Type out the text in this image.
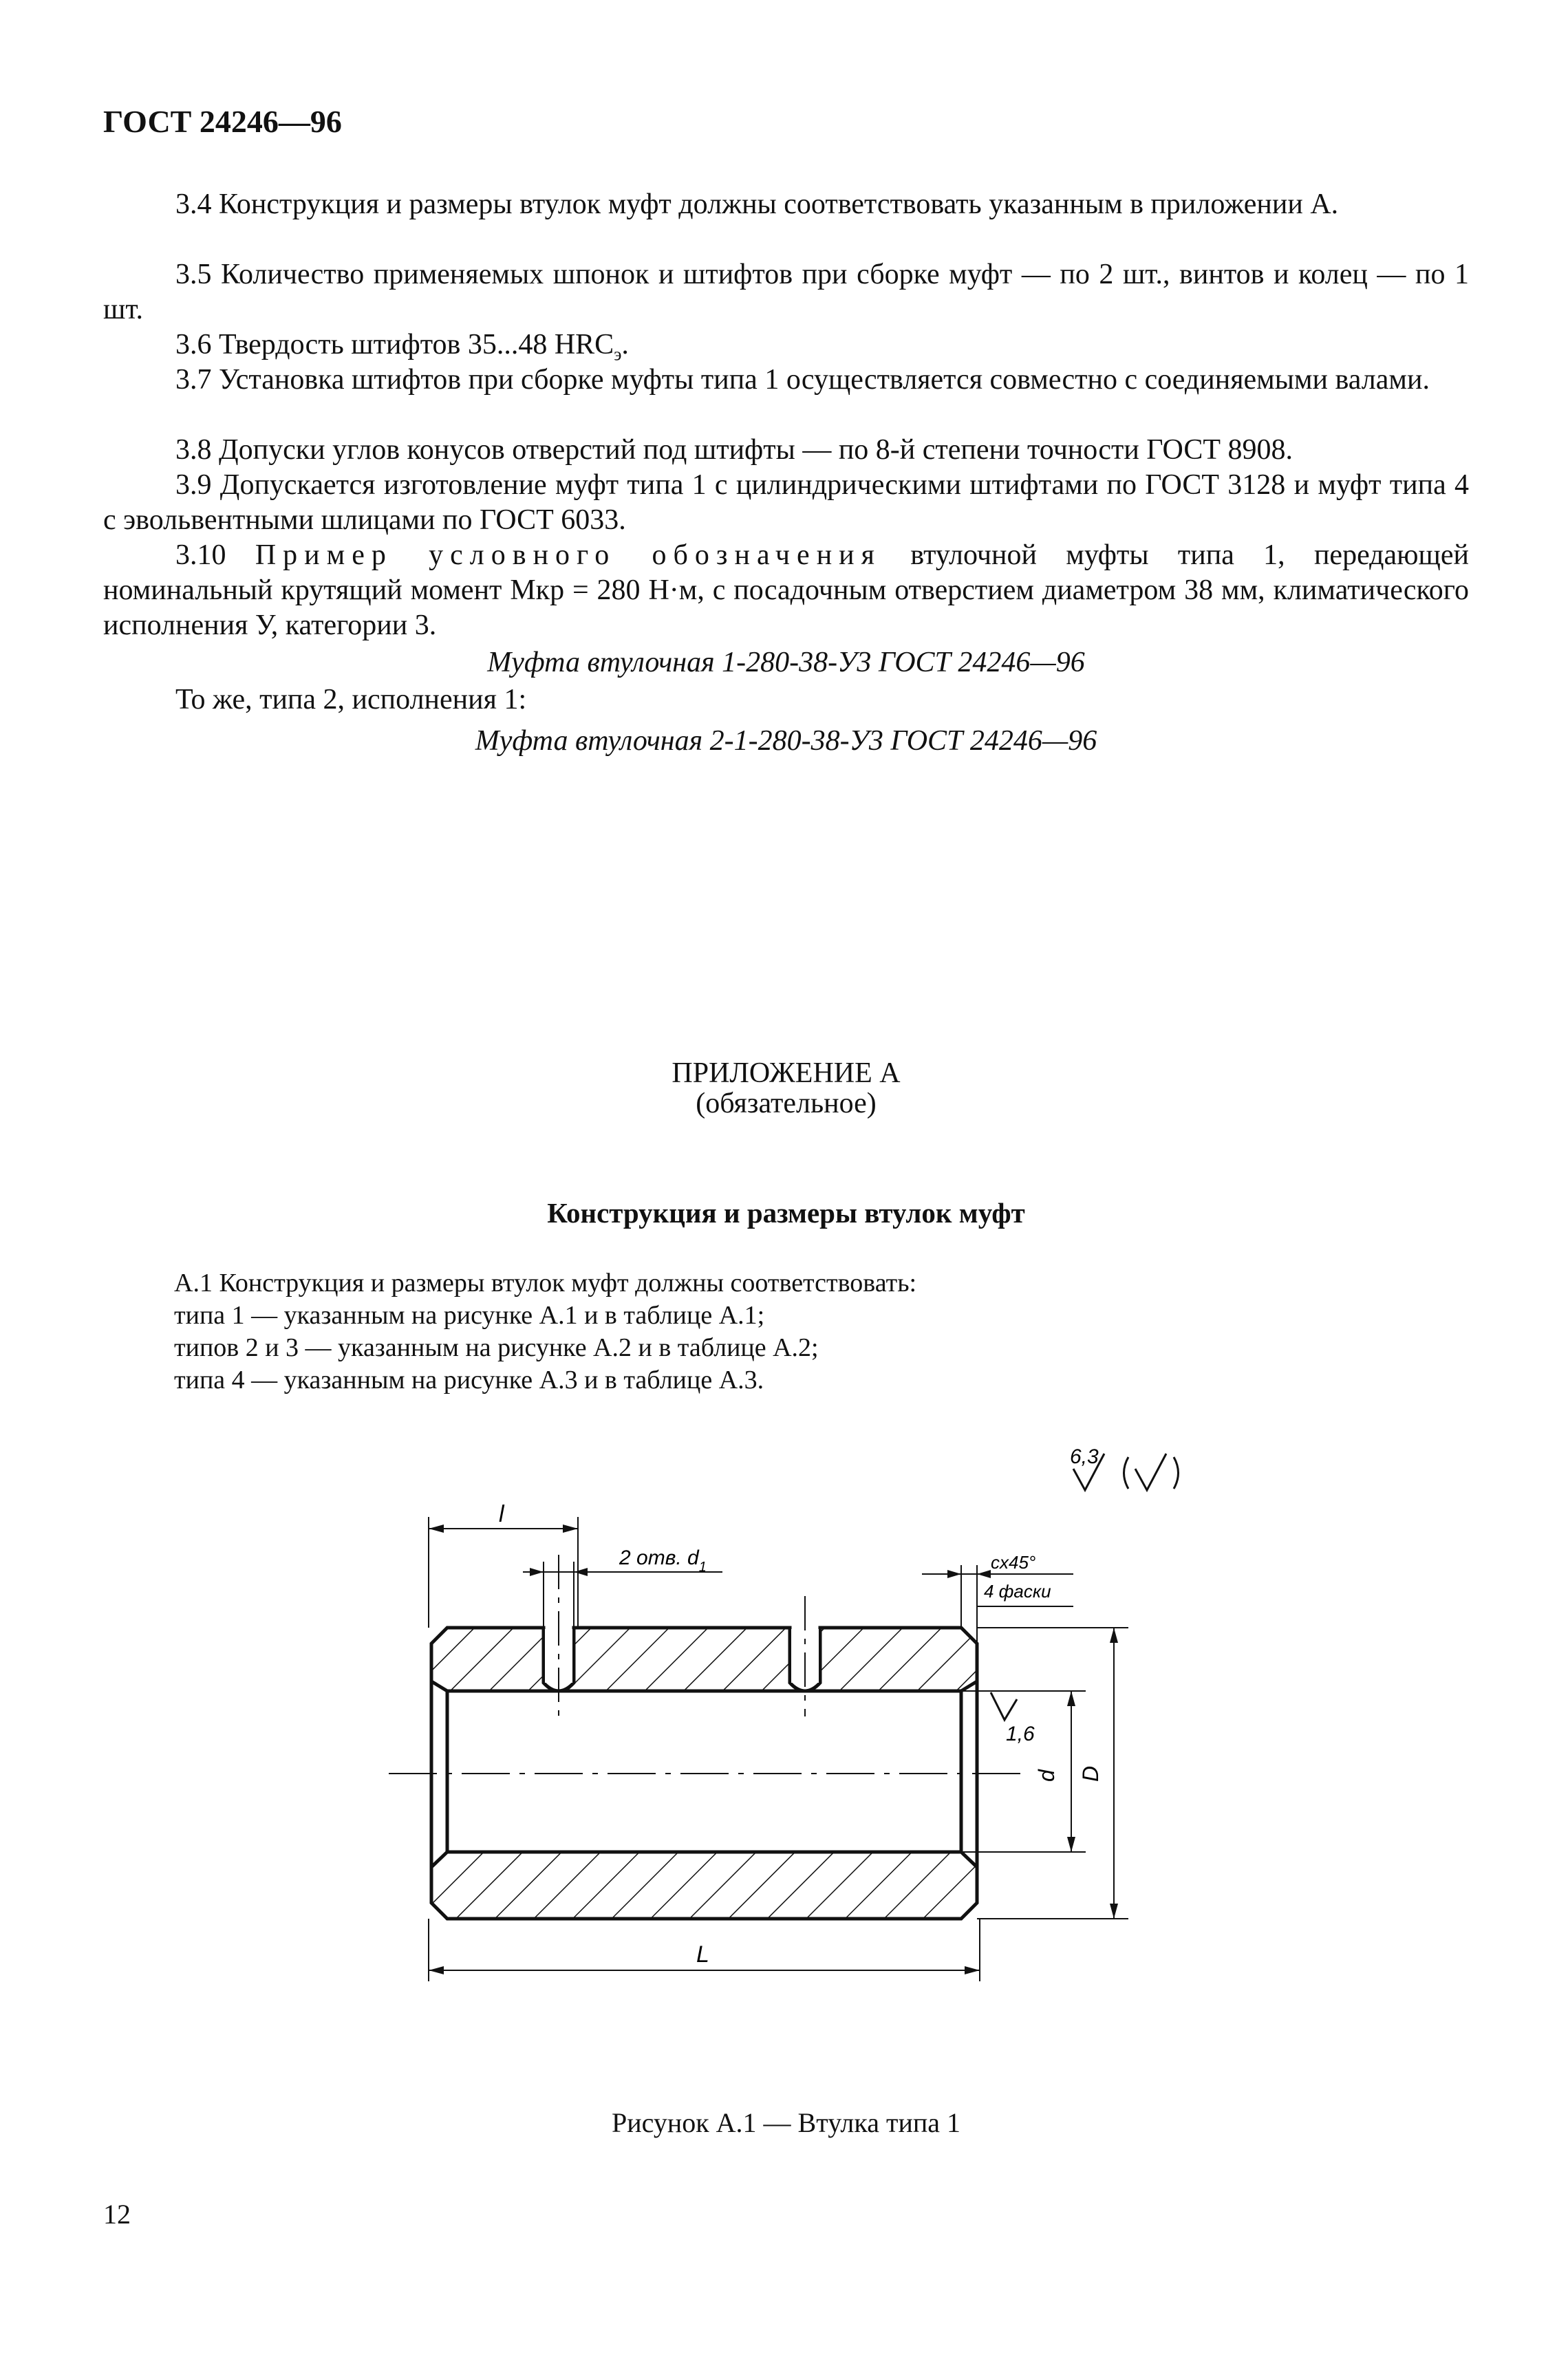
ГОСТ 24246—96
3.4 Конструкция и размеры втулок муфт должны соответствовать указанным в приложении А.
3.5 Количество применяемых шпонок и штифтов при сборке муфт — по 2 шт., винтов и колец — по 1 шт.
3.6 Твердость штифтов 35...48 $HRC_э$.
3.7 Установка штифтов при сборке муфты типа 1 осуществляется совместно с соединяемыми валами.
3.8 Допуски углов конусов отверстий под штифты — по 8-й степени точности ГОСТ 8908.
3.9 Допускается изготовление муфт типа 1 с цилиндрическими штифтами по ГОСТ 3128 и муфт типа 4 с эвольвентными шлицами по ГОСТ 6033.
3.10 Пример условного обозначения втулочной муфты типа 1, передающей номинальный крутящий момент Mкр = 280 Н·м, с посадочным отверстием диаметром 38 мм, климатического исполнения У, категории 3.
Муфта втулочная 1-280-38-У3 ГОСТ 24246—96
То же, типа 2, исполнения 1:
Муфта втулочная 2-1-280-38-У3 ГОСТ 24246—96
ПРИЛОЖЕНИЕ А
(обязательное)
Конструкция и размеры втулок муфт
А.1 Конструкция и размеры втулок муфт должны соответствовать:
типа 1 — указанным на рисунке А.1 и в таблице А.1;
типов 2 и 3 — указанным на рисунке А.2 и в таблице А.2;
типа 4 — указанным на рисунке А.3 и в таблице А.3.
6,3
l
2 отв. $d_1$	cx45°
4 фаски
1,6
d D
L
Рисунок А.1 — Втулка типа 1
12
